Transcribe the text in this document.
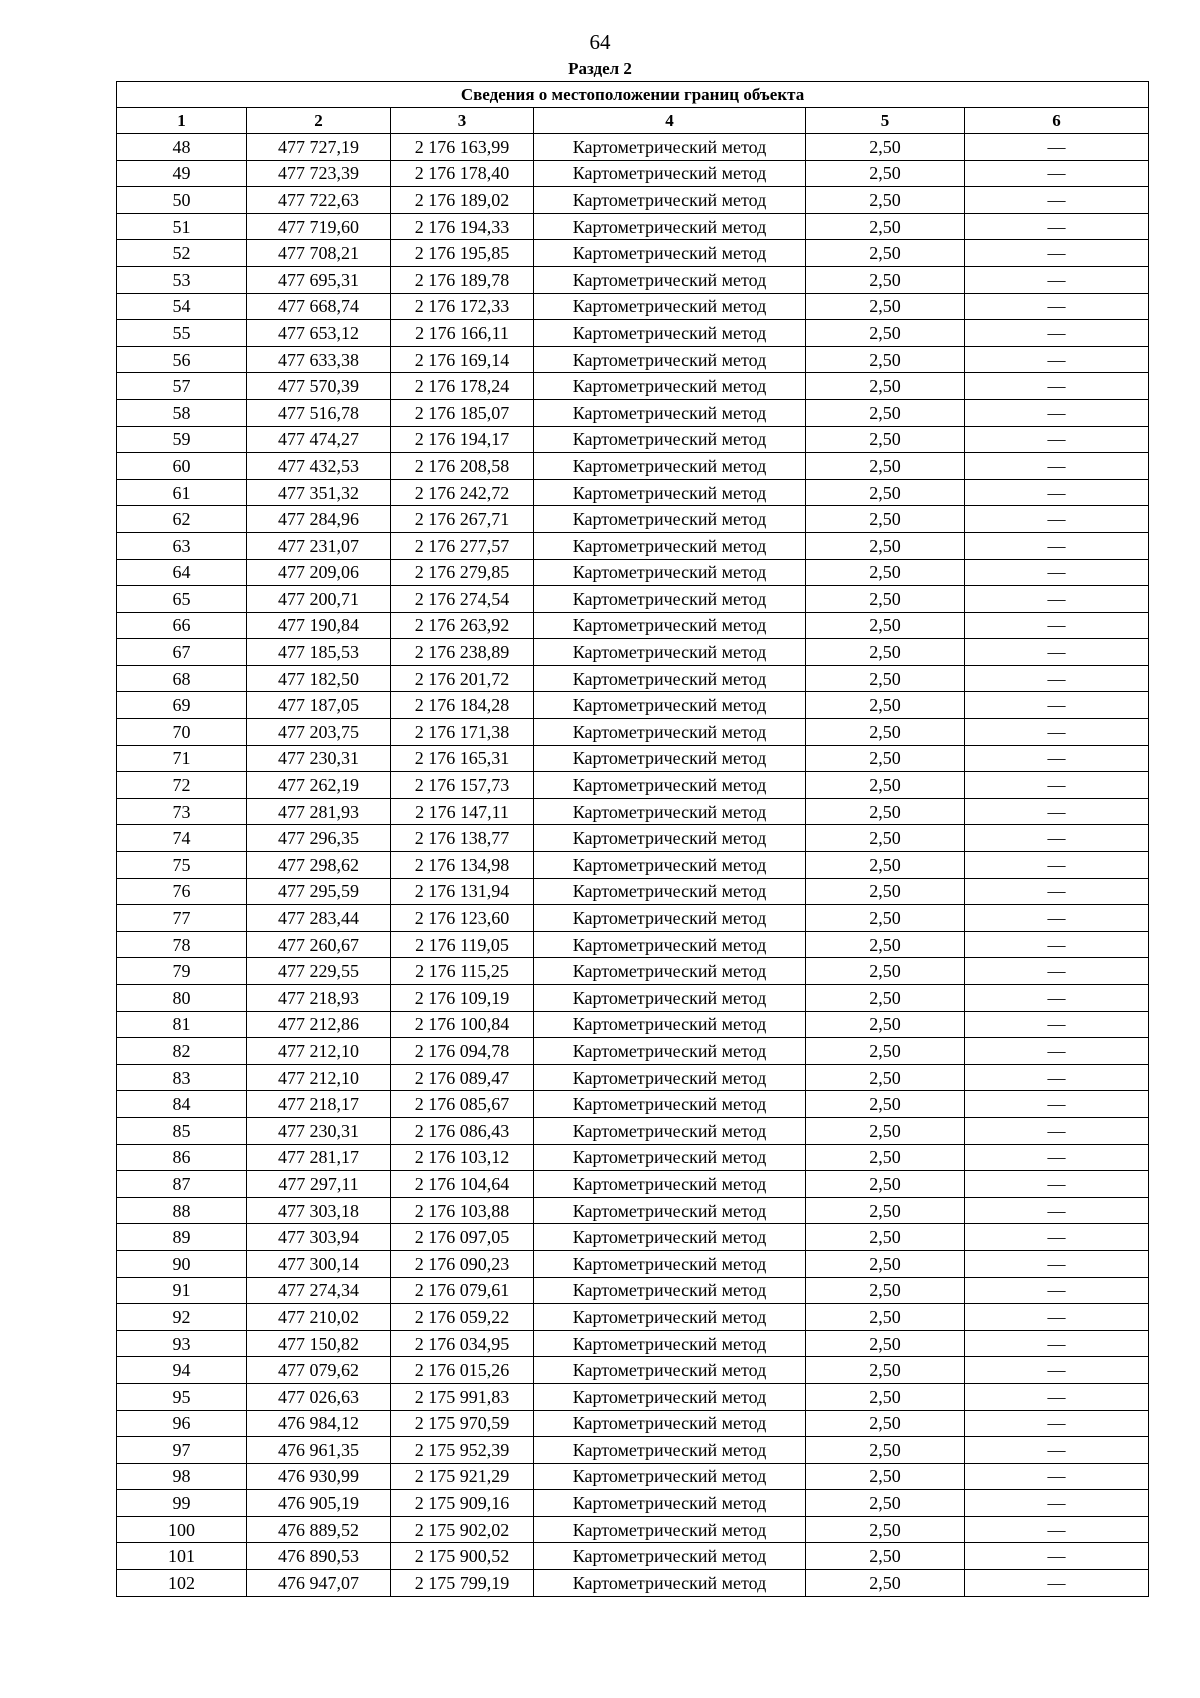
64
Раздел 2
Сведения о местоположении границ объекта					
1	2	3	4	5	6
48	477 727,19	2 176 163,99	Картометрический метод	2,50	—
49	477 723,39	2 176 178,40	Картометрический метод	2,50	—
50	477 722,63	2 176 189,02	Картометрический метод	2,50	—
51	477 719,60	2 176 194,33	Картометрический метод	2,50	—
52	477 708,21	2 176 195,85	Картометрический метод	2,50	—
53	477 695,31	2 176 189,78	Картометрический метод	2,50	—
54	477 668,74	2 176 172,33	Картометрический метод	2,50	—
55	477 653,12	2 176 166,11	Картометрический метод	2,50	—
56	477 633,38	2 176 169,14	Картометрический метод	2,50	—
57	477 570,39	2 176 178,24	Картометрический метод	2,50	—
58	477 516,78	2 176 185,07	Картометрический метод	2,50	—
59	477 474,27	2 176 194,17	Картометрический метод	2,50	—
60	477 432,53	2 176 208,58	Картометрический метод	2,50	—
61	477 351,32	2 176 242,72	Картометрический метод	2,50	—
62	477 284,96	2 176 267,71	Картометрический метод	2,50	—
63	477 231,07	2 176 277,57	Картометрический метод	2,50	—
64	477 209,06	2 176 279,85	Картометрический метод	2,50	—
65	477 200,71	2 176 274,54	Картометрический метод	2,50	—
66	477 190,84	2 176 263,92	Картометрический метод	2,50	—
67	477 185,53	2 176 238,89	Картометрический метод	2,50	—
68	477 182,50	2 176 201,72	Картометрический метод	2,50	—
69	477 187,05	2 176 184,28	Картометрический метод	2,50	—
70	477 203,75	2 176 171,38	Картометрический метод	2,50	—
71	477 230,31	2 176 165,31	Картометрический метод	2,50	—
72	477 262,19	2 176 157,73	Картометрический метод	2,50	—
73	477 281,93	2 176 147,11	Картометрический метод	2,50	—
74	477 296,35	2 176 138,77	Картометрический метод	2,50	—
75	477 298,62	2 176 134,98	Картометрический метод	2,50	—
76	477 295,59	2 176 131,94	Картометрический метод	2,50	—
77	477 283,44	2 176 123,60	Картометрический метод	2,50	—
78	477 260,67	2 176 119,05	Картометрический метод	2,50	—
79	477 229,55	2 176 115,25	Картометрический метод	2,50	—
80	477 218,93	2 176 109,19	Картометрический метод	2,50	—
81	477 212,86	2 176 100,84	Картометрический метод	2,50	—
82	477 212,10	2 176 094,78	Картометрический метод	2,50	—
83	477 212,10	2 176 089,47	Картометрический метод	2,50	—
84	477 218,17	2 176 085,67	Картометрический метод	2,50	—
85	477 230,31	2 176 086,43	Картометрический метод	2,50	—
86	477 281,17	2 176 103,12	Картометрический метод	2,50	—
87	477 297,11	2 176 104,64	Картометрический метод	2,50	—
88	477 303,18	2 176 103,88	Картометрический метод	2,50	—
89	477 303,94	2 176 097,05	Картометрический метод	2,50	—
90	477 300,14	2 176 090,23	Картометрический метод	2,50	—
91	477 274,34	2 176 079,61	Картометрический метод	2,50	—
92	477 210,02	2 176 059,22	Картометрический метод	2,50	—
93	477 150,82	2 176 034,95	Картометрический метод	2,50	—
94	477 079,62	2 176 015,26	Картометрический метод	2,50	—
95	477 026,63	2 175 991,83	Картометрический метод	2,50	—
96	476 984,12	2 175 970,59	Картометрический метод	2,50	—
97	476 961,35	2 175 952,39	Картометрический метод	2,50	—
98	476 930,99	2 175 921,29	Картометрический метод	2,50	—
99	476 905,19	2 175 909,16	Картометрический метод	2,50	—
100	476 889,52	2 175 902,02	Картометрический метод	2,50	—
101	476 890,53	2 175 900,52	Картометрический метод	2,50	—
102	476 947,07	2 175 799,19	Картометрический метод	2,50	—
